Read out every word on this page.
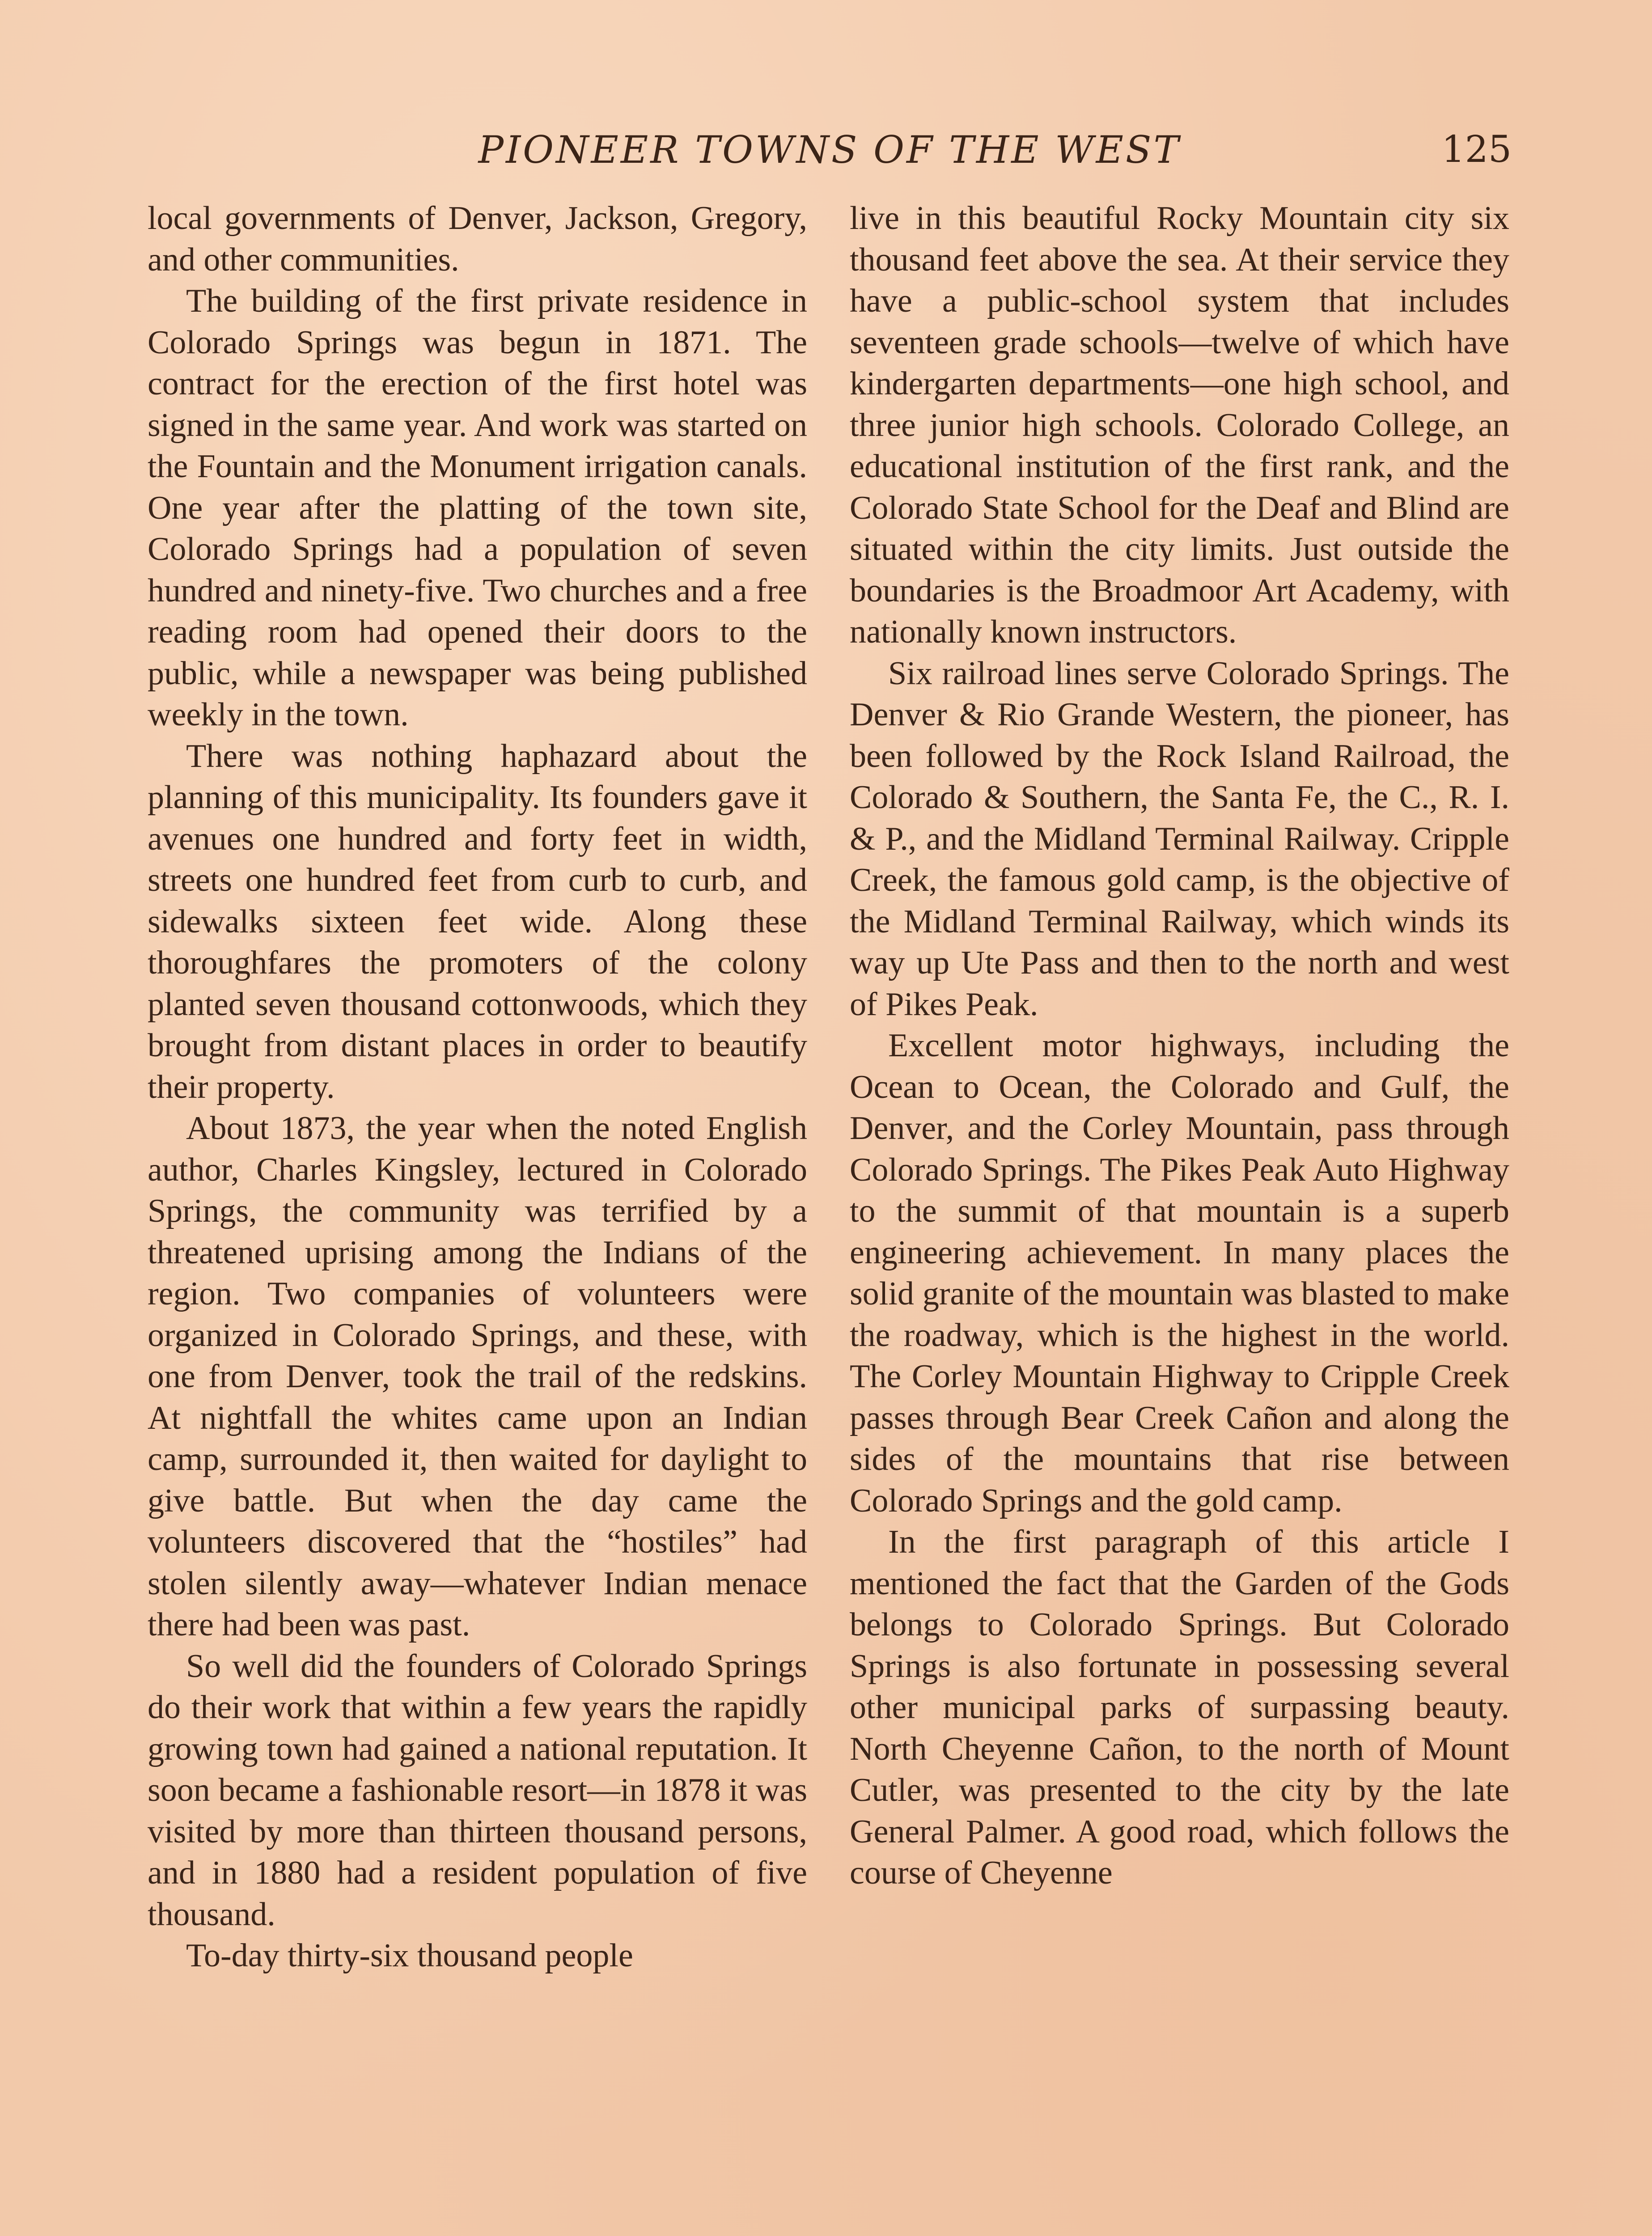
PIONEER TOWNS OF THE WEST	125

local governments of Denver, Jackson, Gregory, and other communities.

The building of the first private residence in Colorado Springs was begun in 1871. The contract for the erection of the first hotel was signed in the same year. And work was started on the Fountain and the Monument irrigation canals. One year after the platting of the town site, Colorado Springs had a population of seven hundred and ninety-five. Two churches and a free reading room had opened their doors to the public, while a newspaper was being published weekly in the town.

There was nothing haphazard about the planning of this municipality. Its founders gave it avenues one hundred and forty feet in width, streets one hundred feet from curb to curb, and sidewalks sixteen feet wide. Along these thoroughfares the promoters of the colony planted seven thousand cottonwoods, which they brought from distant places in order to beautify their property.

About 1873, the year when the noted English author, Charles Kingsley, lectured in Colorado Springs, the community was terrified by a threatened uprising among the Indians of the region. Two companies of volunteers were organized in Colorado Springs, and these, with one from Denver, took the trail of the redskins. At nightfall the whites came upon an Indian camp, surrounded it, then waited for daylight to give battle. But when the day came the volunteers discovered that the “hostiles” had stolen silently away—whatever Indian menace there had been was past.

So well did the founders of Colorado Springs do their work that within a few years the rapidly growing town had gained a national reputation. It soon became a fashionable resort—in 1878 it was visited by more than thirteen thousand persons, and in 1880 had a resident population of five thousand.

To-day thirty-six thousand people

live in this beautiful Rocky Mountain city six thousand feet above the sea. At their service they have a public-school system that includes seventeen grade schools—twelve of which have kindergarten departments—one high school, and three junior high schools. Colorado College, an educational institution of the first rank, and the Colorado State School for the Deaf and Blind are situated within the city limits. Just outside the boundaries is the Broadmoor Art Academy, with nationally known instructors.

Six railroad lines serve Colorado Springs. The Denver & Rio Grande Western, the pioneer, has been followed by the Rock Island Railroad, the Colorado & Southern, the Santa Fe, the C., R. I. & P., and the Midland Terminal Railway. Cripple Creek, the famous gold camp, is the objective of the Midland Terminal Railway, which winds its way up Ute Pass and then to the north and west of Pikes Peak.

Excellent motor highways, including the Ocean to Ocean, the Colorado and Gulf, the Denver, and the Corley Mountain, pass through Colorado Springs. The Pikes Peak Auto Highway to the summit of that mountain is a superb engineering achievement. In many places the solid granite of the mountain was blasted to make the roadway, which is the highest in the world. The Corley Mountain Highway to Cripple Creek passes through Bear Creek Cañon and along the sides of the mountains that rise between Colorado Springs and the gold camp.

In the first paragraph of this article I mentioned the fact that the Garden of the Gods belongs to Colorado Springs. But Colorado Springs is also fortunate in possessing several other municipal parks of surpassing beauty. North Cheyenne Cañon, to the north of Mount Cutler, was presented to the city by the late General Palmer. A good road, which follows the course of Cheyenne
